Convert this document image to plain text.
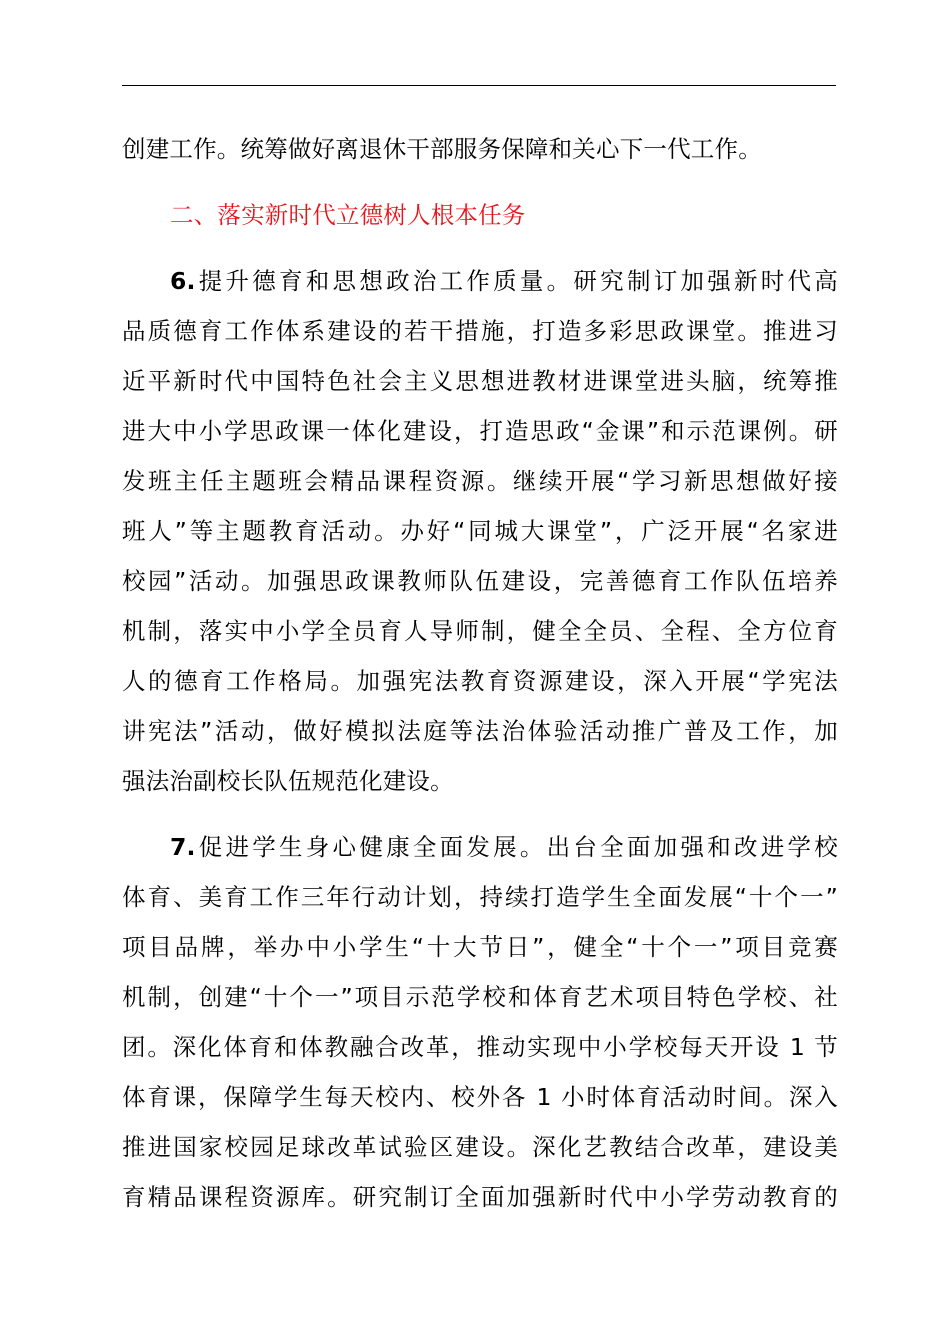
创建工作。统筹做好离退休干部服务保障和关心下一代工作。
二、落实新时代立德树人根本任务
6.提升德育和思想政治工作质量。研究制订加强新时代高
品质德育工作体系建设的若干措施，打造多彩思政课堂。推进习
近平新时代中国特色社会主义思想进教材进课堂进头脑，统筹推
进大中小学思政课一体化建设，打造思政“金课”和示范课例。研
发班主任主题班会精品课程资源。继续开展“学习新思想做好接
班人”等主题教育活动。办好“同城大课堂”，广泛开展“名家进
校园”活动。加强思政课教师队伍建设，完善德育工作队伍培养
机制，落实中小学全员育人导师制，健全全员、全程、全方位育
人的德育工作格局。加强宪法教育资源建设，深入开展“学宪法
讲宪法”活动，做好模拟法庭等法治体验活动推广普及工作，加
强法治副校长队伍规范化建设。
7.促进学生身心健康全面发展。出台全面加强和改进学校
体育、美育工作三年行动计划，持续打造学生全面发展“十个一”
项目品牌，举办中小学生“十大节日”，健全“十个一”项目竞赛
机制，创建“十个一”项目示范学校和体育艺术项目特色学校、社
团。深化体育和体教融合改革，推动实现中小学校每天开设 1 节
体育课，保障学生每天校内、校外各 1 小时体育活动时间。深入
推进国家校园足球改革试验区建设。深化艺教结合改革，建设美
育精品课程资源库。研究制订全面加强新时代中小学劳动教育的
